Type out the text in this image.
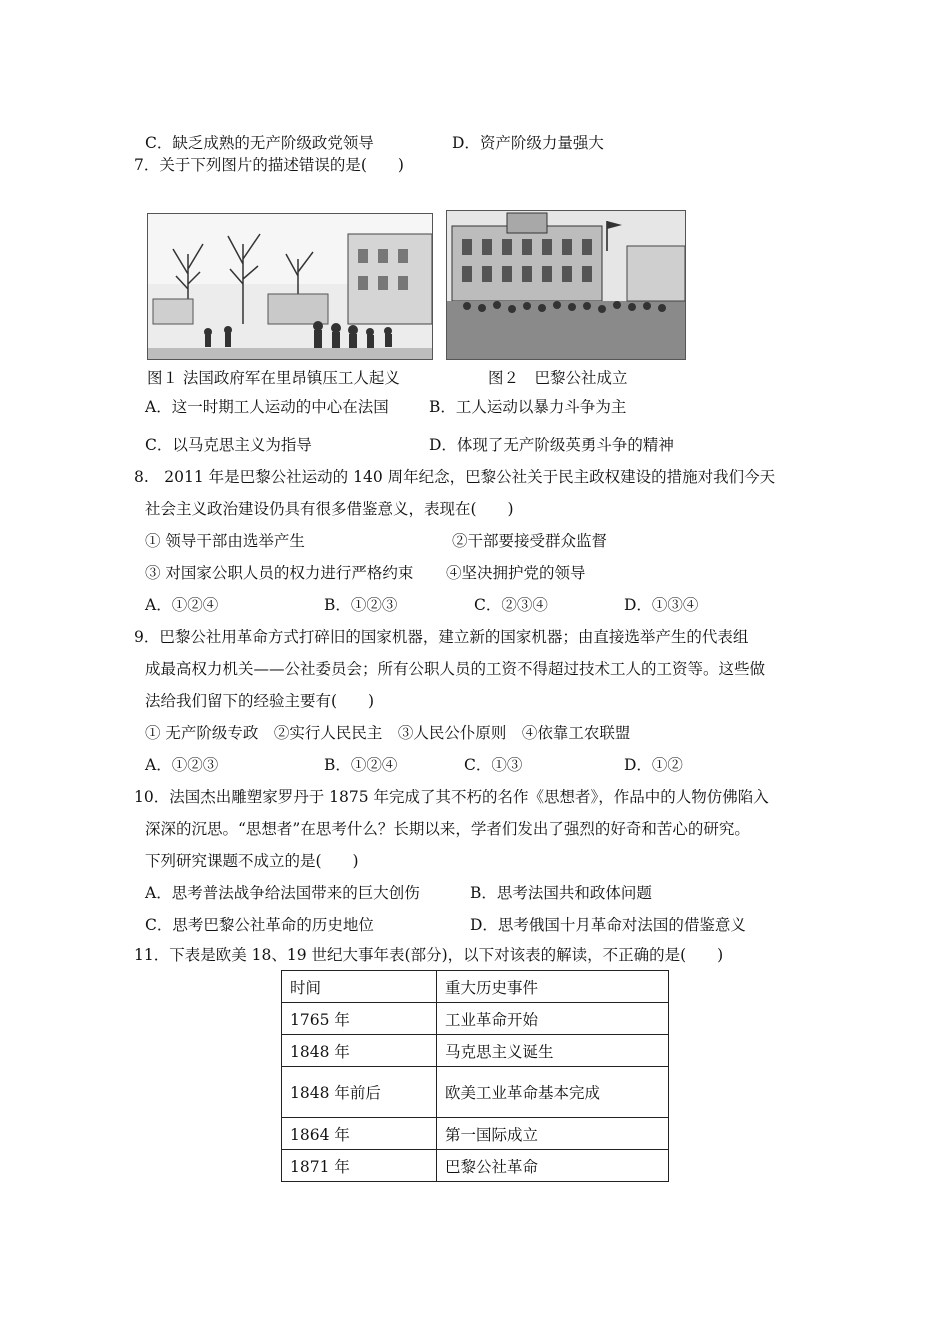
C．缺乏成熟的无产阶级政党领导	D．资产阶级力量强大
7．关于下列图片的描述错误的是(　　)
图１ 法国政府军在里昂镇压工人起义	图２　巴黎公社成立
A．这一时期工人运动的中心在法国	B．工人运动以暴力斗争为主
C．以马克思主义为指导	D．体现了无产阶级英勇斗争的精神
8.　2011 年是巴黎公社运动的 140 周年纪念，巴黎公社关于民主政权建设的措施对我们今天
社会主义政治建设仍具有很多借鉴意义，表现在(　　)
① 领导干部由选举产生	②干部要接受群众监督
③ 对国家公职人员的权力进行严格约束 ④坚决拥护党的领导
A．①②④	B．①②③	C．②③④	D．①③④
9．巴黎公社用革命方式打碎旧的国家机器，建立新的国家机器；由直接选举产生的代表组
成最高权力机关——公社委员会；所有公职人员的工资不得超过技术工人的工资等。这些做
法给我们留下的经验主要有(　　)
① 无产阶级专政　②实行人民民主　③人民公仆原则　④依靠工农联盟
A．①②③	B．①②④	C．①③	D．①②
10．法国杰出雕塑家罗丹于 1875 年完成了其不朽的名作《思想者》，作品中的人物仿佛陷入
深深的沉思。“思想者”在思考什么？长期以来，学者们发出了强烈的好奇和苦心的研究。
下列研究课题不成立的是(　　)
A．思考普法战争给法国带来的巨大创伤	B．思考法国共和政体问题
C．思考巴黎公社革命的历史地位	D．思考俄国十月革命对法国的借鉴意义
11．下表是欧美 18、19 世纪大事年表(部分)，以下对该表的解读，不正确的是(　　)
时间	重大历史事件
1765 年	工业革命开始
1848 年	马克思主义诞生
1848 年前后	欧美工业革命基本完成
1864 年	第一国际成立
1871 年	巴黎公社革命
